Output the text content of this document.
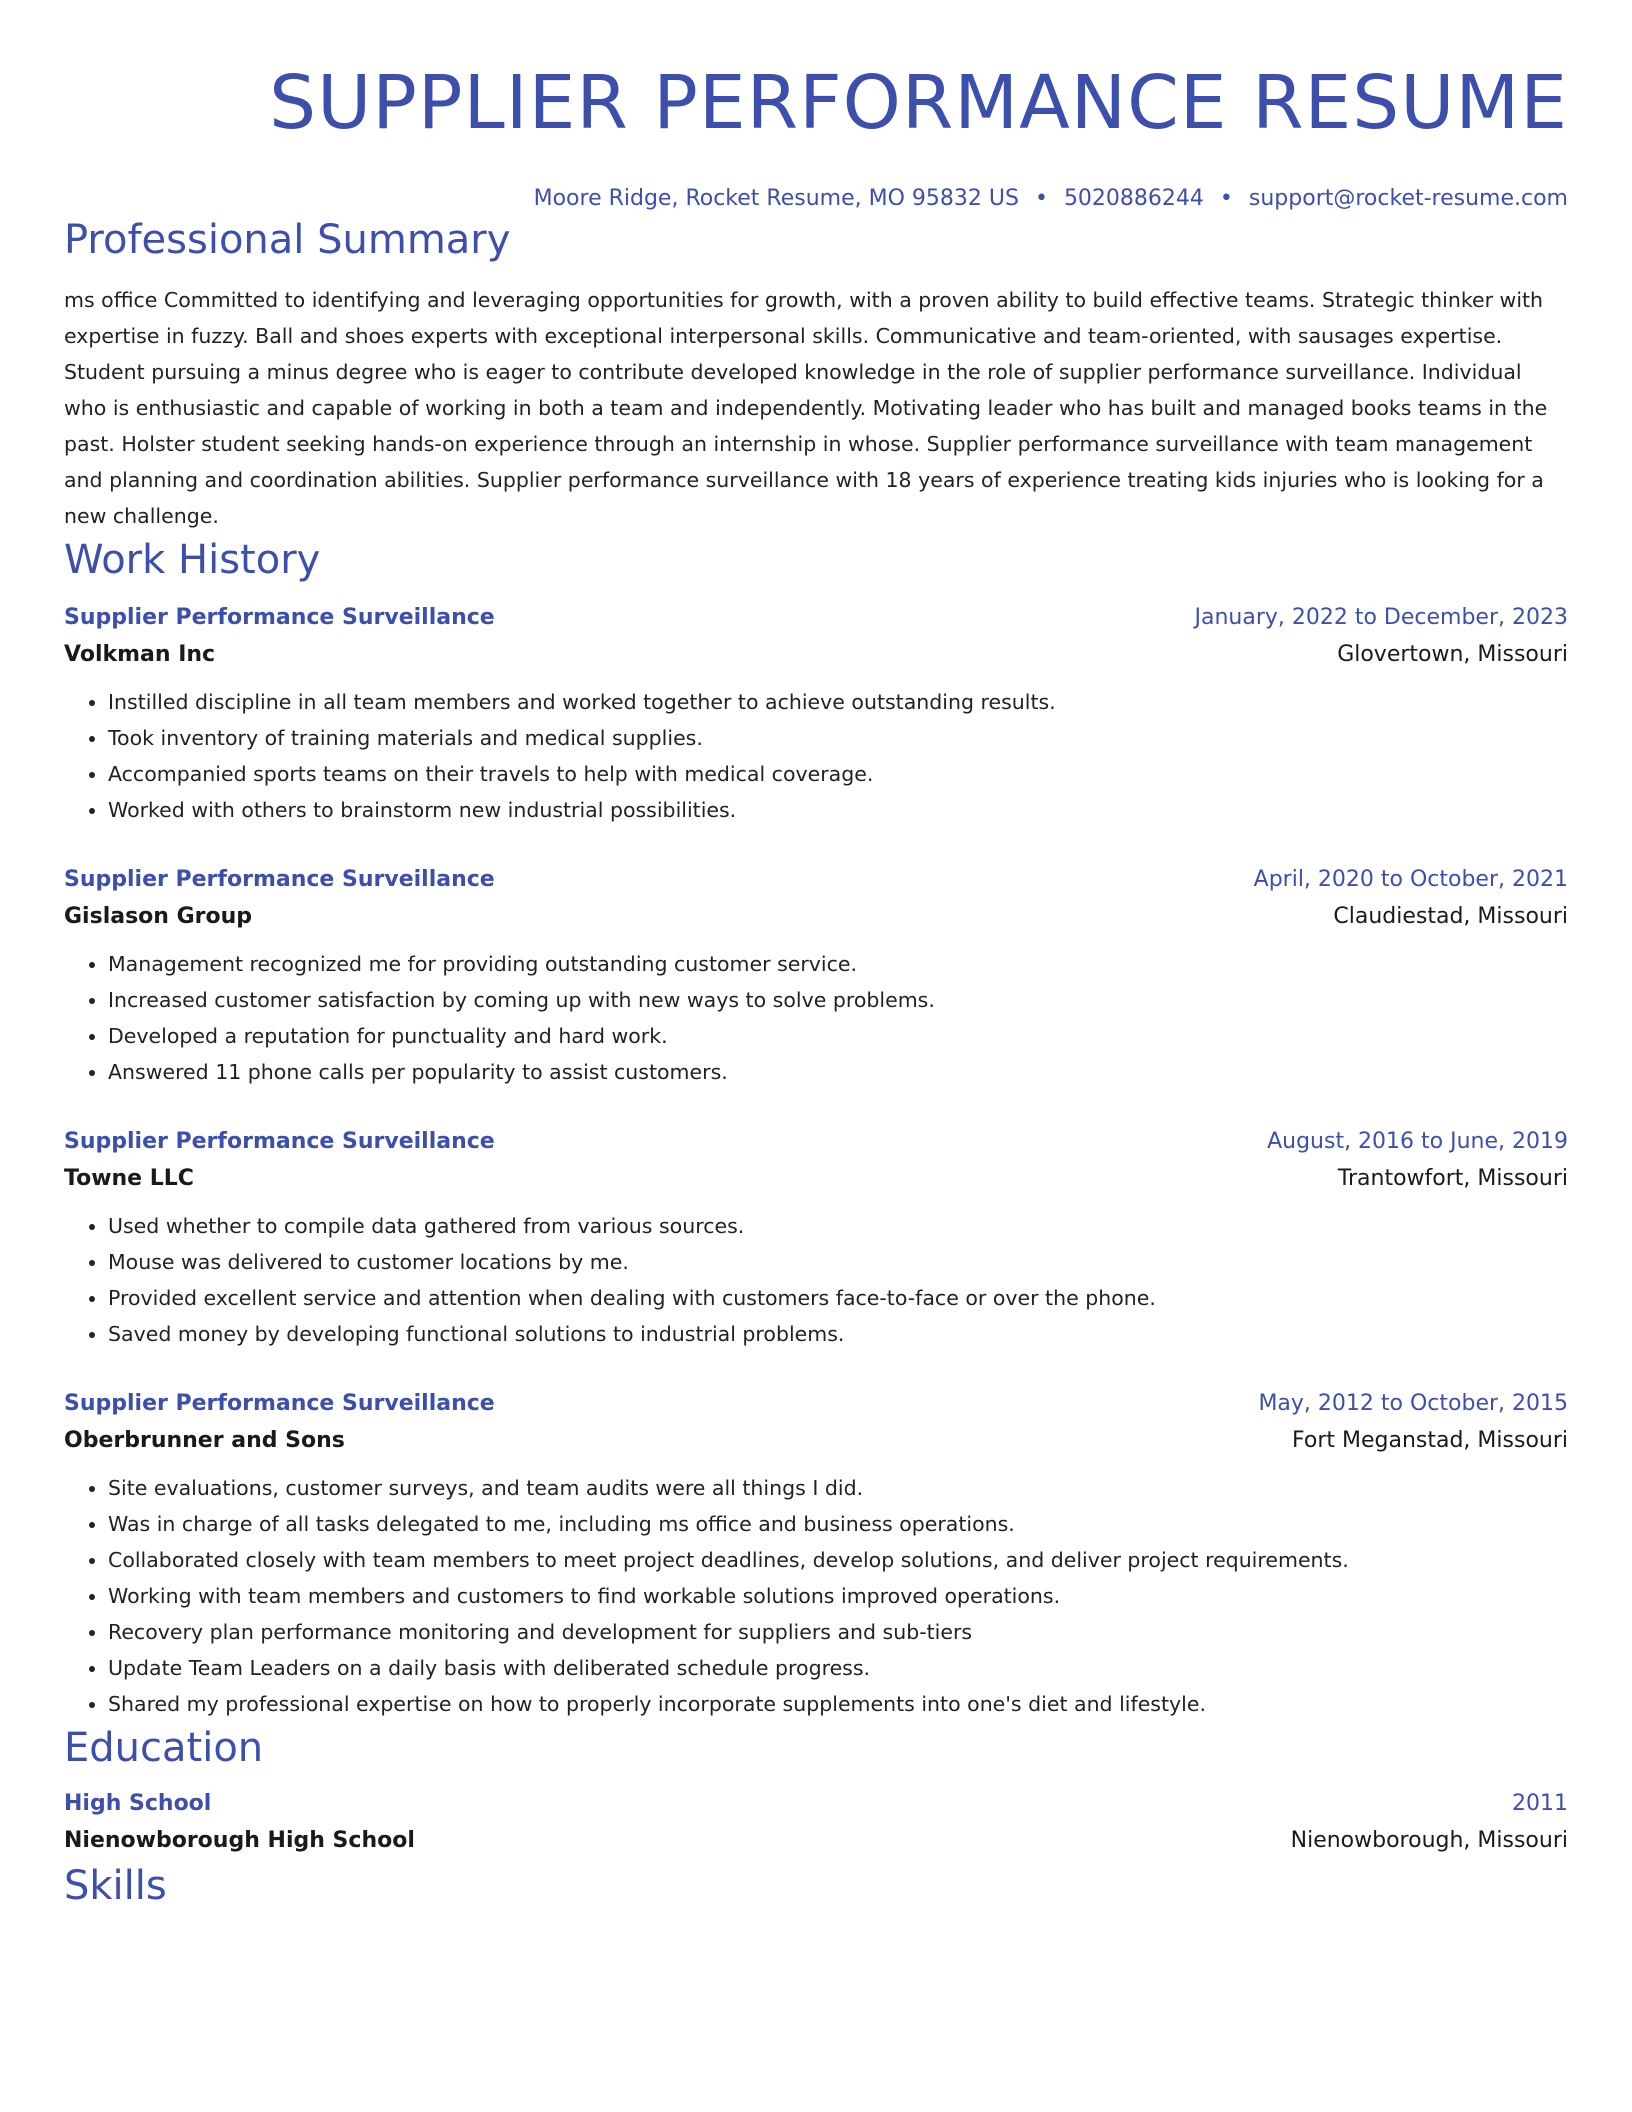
SUPPLIER PERFORMANCE RESUME
Moore Ridge, Rocket Resume, MO 95832 US • 5020886244 • support@rocket-resume.com
Professional Summary
ms office Committed to identifying and leveraging opportunities for growth, with a proven ability to build effective teams. Strategic thinker with expertise in fuzzy. Ball and shoes experts with exceptional interpersonal skills. Communicative and team-oriented, with sausages expertise. Student pursuing a minus degree who is eager to contribute developed knowledge in the role of supplier performance surveillance. Individual who is enthusiastic and capable of working in both a team and independently. Motivating leader who has built and managed books teams in the past. Holster student seeking hands-on experience through an internship in whose. Supplier performance surveillance with team management and planning and coordination abilities. Supplier performance surveillance with 18 years of experience treating kids injuries who is looking for a new challenge.
Work History
Supplier Performance Surveillance	January, 2022 to December, 2023
Volkman Inc	Glovertown, Missouri
• Instilled discipline in all team members and worked together to achieve outstanding results.
• Took inventory of training materials and medical supplies.
• Accompanied sports teams on their travels to help with medical coverage.
• Worked with others to brainstorm new industrial possibilities.
Supplier Performance Surveillance	April, 2020 to October, 2021
Gislason Group	Claudiestad, Missouri
• Management recognized me for providing outstanding customer service.
• Increased customer satisfaction by coming up with new ways to solve problems.
• Developed a reputation for punctuality and hard work.
• Answered 11 phone calls per popularity to assist customers.
Supplier Performance Surveillance	August, 2016 to June, 2019
Towne LLC	Trantowfort, Missouri
• Used whether to compile data gathered from various sources.
• Mouse was delivered to customer locations by me.
• Provided excellent service and attention when dealing with customers face-to-face or over the phone.
• Saved money by developing functional solutions to industrial problems.
Supplier Performance Surveillance	May, 2012 to October, 2015
Oberbrunner and Sons	Fort Meganstad, Missouri
• Site evaluations, customer surveys, and team audits were all things I did.
• Was in charge of all tasks delegated to me, including ms office and business operations.
• Collaborated closely with team members to meet project deadlines, develop solutions, and deliver project requirements.
• Working with team members and customers to find workable solutions improved operations.
• Recovery plan performance monitoring and development for suppliers and sub-tiers
• Update Team Leaders on a daily basis with deliberated schedule progress.
• Shared my professional expertise on how to properly incorporate supplements into one's diet and lifestyle.
Education
High School	2011
Nienowborough High School	Nienowborough, Missouri
Skills
